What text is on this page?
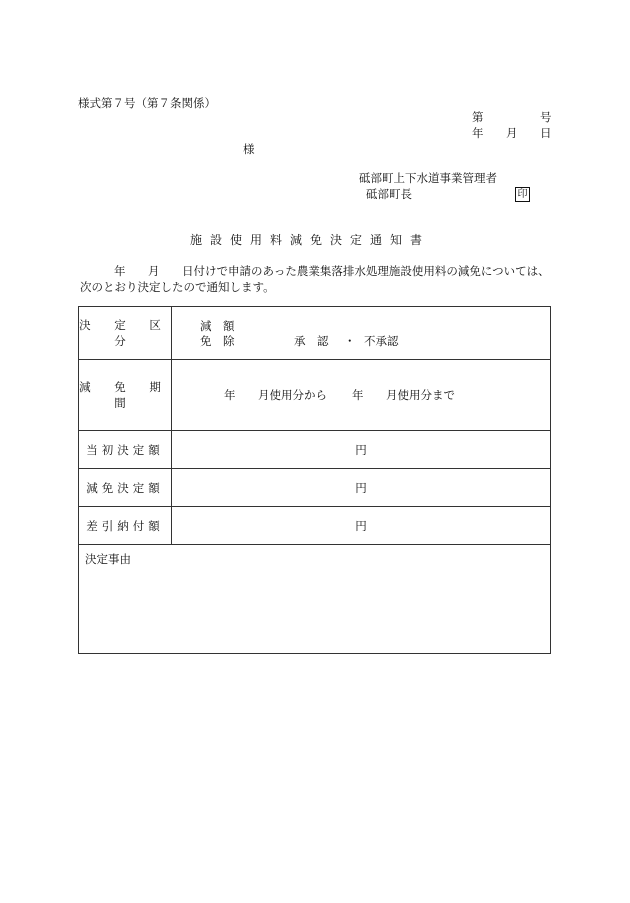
様式第７号（第７条関係）
第	号
年 月 日
様
砥部町上下水道事業管理者
砥部町長	印
施設使用料減免決定通知書
年 月 日付けで申請のあった農業集落排水処理施設使用料の減免については、
次のとおり決定したので通知します。
決 定 区 分	減　額
免　除 承　認 ・ 不承認

減 免 期 間	年 月使用分から 年 月使用分まで

当初決定額	円
減免決定額	円
差引納付額	円
決定事由	
